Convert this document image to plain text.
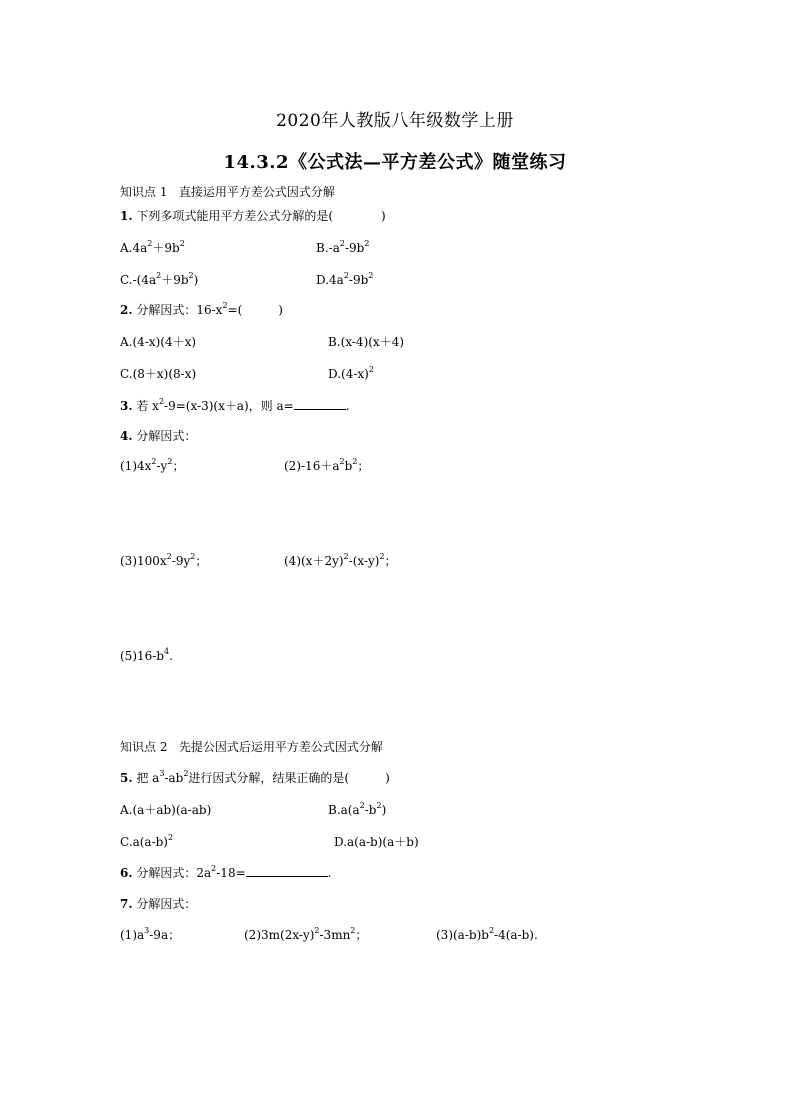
2020年人教版八年级数学上册
14.3.2《公式法—平方差公式》随堂练习
知识点 1 直接运用平方差公式因式分解
1. 下列多项式能用平方差公式分解的是(　　　　)
$A.4a^2+9b^2$	$B.-a^2-9b^2$
$C.-(4a^2+9b^2)$	$D.4a^2-9b^2$
2. 分解因式：$16-x^2=$(　　　)
A.(4-x)(4＋x)	B.(x-4)(x＋4)
C.(8＋x)(8-x)	$D.(4-x)^2$
3. 若 $x^2-9=(x-3)(x+a)$，则 a=	.
4. 分解因式：
$(1)4x^2-y^2$；	$(2)-16+a^2b^2$；
$(3)100x^2-9y^2$；	$(4)(x+2y)^2-(x-y)^2$；
$(5)16-b^4$.
知识点 2 先提公因式后运用平方差公式因式分解
5. 把 $a^3-ab^2$进行因式分解，结果正确的是(　　　)
A.(a＋ab)(a-ab)	$B.a(a^2-b^2)$
$C.a(a-b)^2$	D.a(a-b)(a＋b)
6. 分解因式：$2a^2-18=$	.
7. 分解因式：
$(1)a^3-9a$；	$(2)3m(2x-y)^2-3mn^2$；	$(3)(a-b)b^2-4(a-b)$.
